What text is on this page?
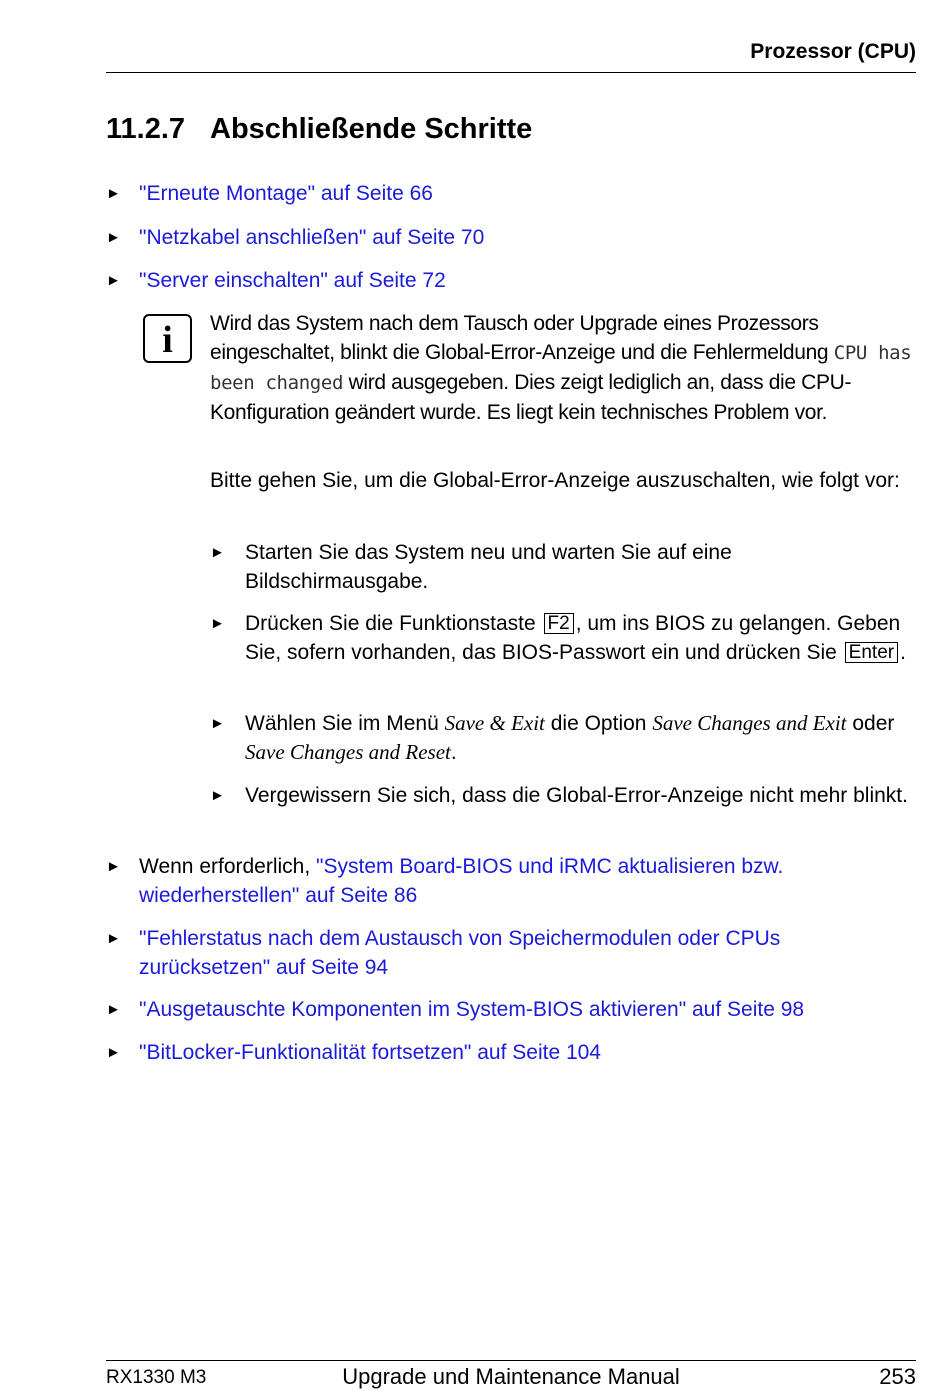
Prozessor (CPU)
11.2.7 Abschließende Schritte
► "Erneute Montage" auf Seite 66
► "Netzkabel anschließen" auf Seite 70
► "Server einschalten" auf Seite 72
i	Wird das System nach dem Tausch oder Upgrade eines Prozessors eingeschaltet, blinkt die Global-Error-Anzeige und die Fehlermeldung CPU has been changed wird ausgegeben. Dies zeigt lediglich an, dass die CPU-Konfiguration geändert wurde. Es liegt kein technisches Problem vor.
Bitte gehen Sie, um die Global-Error-Anzeige auszuschalten, wie folgt vor:
► Starten Sie das System neu und warten Sie auf eine Bildschirmausgabe.
► Drücken Sie die Funktionstaste F2 , um ins BIOS zu gelangen. Geben Sie, sofern vorhanden, das BIOS-Passwort ein und drücken Sie Enter .
► Wählen Sie im Menü Save & Exit die Option Save Changes and Exit oder Save Changes and Reset.
► Vergewissern Sie sich, dass die Global-Error-Anzeige nicht mehr blinkt.
► Wenn erforderlich, "System Board-BIOS und iRMC aktualisieren bzw. wiederherstellen" auf Seite 86
► "Fehlerstatus nach dem Austausch von Speichermodulen oder CPUs zurücksetzen" auf Seite 94
► "Ausgetauschte Komponenten im System-BIOS aktivieren" auf Seite 98
► "BitLocker-Funktionalität fortsetzen" auf Seite 104
RX1330 M3	Upgrade und Maintenance Manual	253
